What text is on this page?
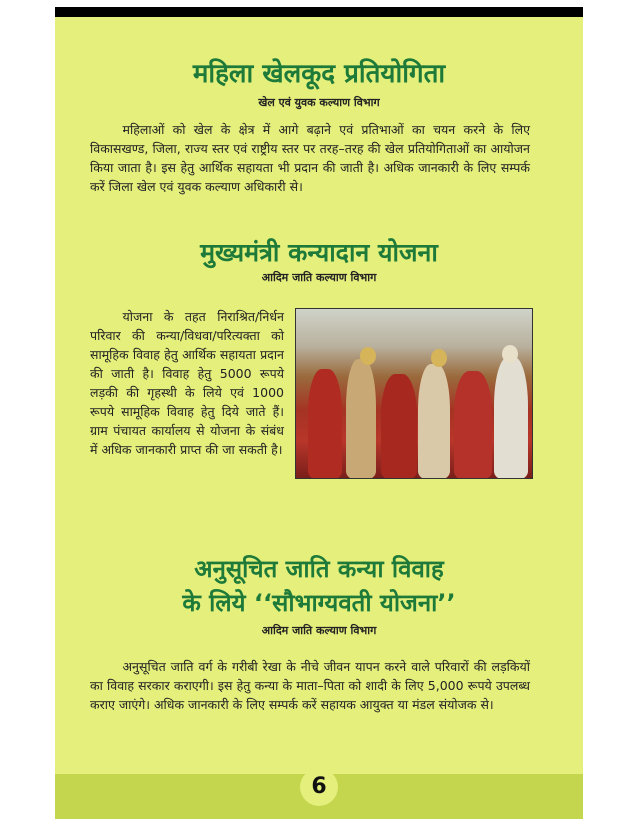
महिला खेलकूद प्रतियोगिता
खेल एवं युवक कल्याण विभाग
महिलाओं को खेल के क्षेत्र में आगे बढ़ाने एवं प्रतिभाओं का चयन करने के लिए विकासखण्ड, जिला, राज्य स्तर एवं राष्ट्रीय स्तर पर तरह–तरह की खेल प्रतियोगिताओं का आयोजन किया जाता है। इस हेतु आर्थिक सहायता भी प्रदान की जाती है। अधिक जानकारी के लिए सम्पर्क करें जिला खेल एवं युवक कल्याण अधिकारी से।
मुख्यमंत्री कन्यादान योजना
आदिम जाति कल्याण विभाग
योजना के तहत निराश्रित/निर्धन परिवार की कन्या/विधवा/परित्यक्ता को सामूहिक विवाह हेतु आर्थिक सहायता प्रदान की जाती है। विवाह हेतु 5000 रूपये लड़की की गृहस्थी के लिये एवं 1000 रूपये सामूहिक विवाह हेतु दिये जाते हैं। ग्राम पंचायत कार्यालय से योजना के संबंध में अधिक जानकारी प्राप्त की जा सकती है।
अनुसूचित जाति कन्या विवाह
के लिये ‘‘सौभाग्यवती योजना’’
आदिम जाति कल्याण विभाग
अनुसूचित जाति वर्ग के गरीबी रेखा के नीचे जीवन यापन करने वाले परिवारों की लड़कियों का विवाह सरकार कराएगी। इस हेतु कन्या के माता–पिता को शादी के लिए 5,000 रूपये उपलब्ध कराए जाएंगे। अधिक जानकारी के लिए सम्पर्क करें सहायक आयुक्त या मंडल संयोजक से।
6
